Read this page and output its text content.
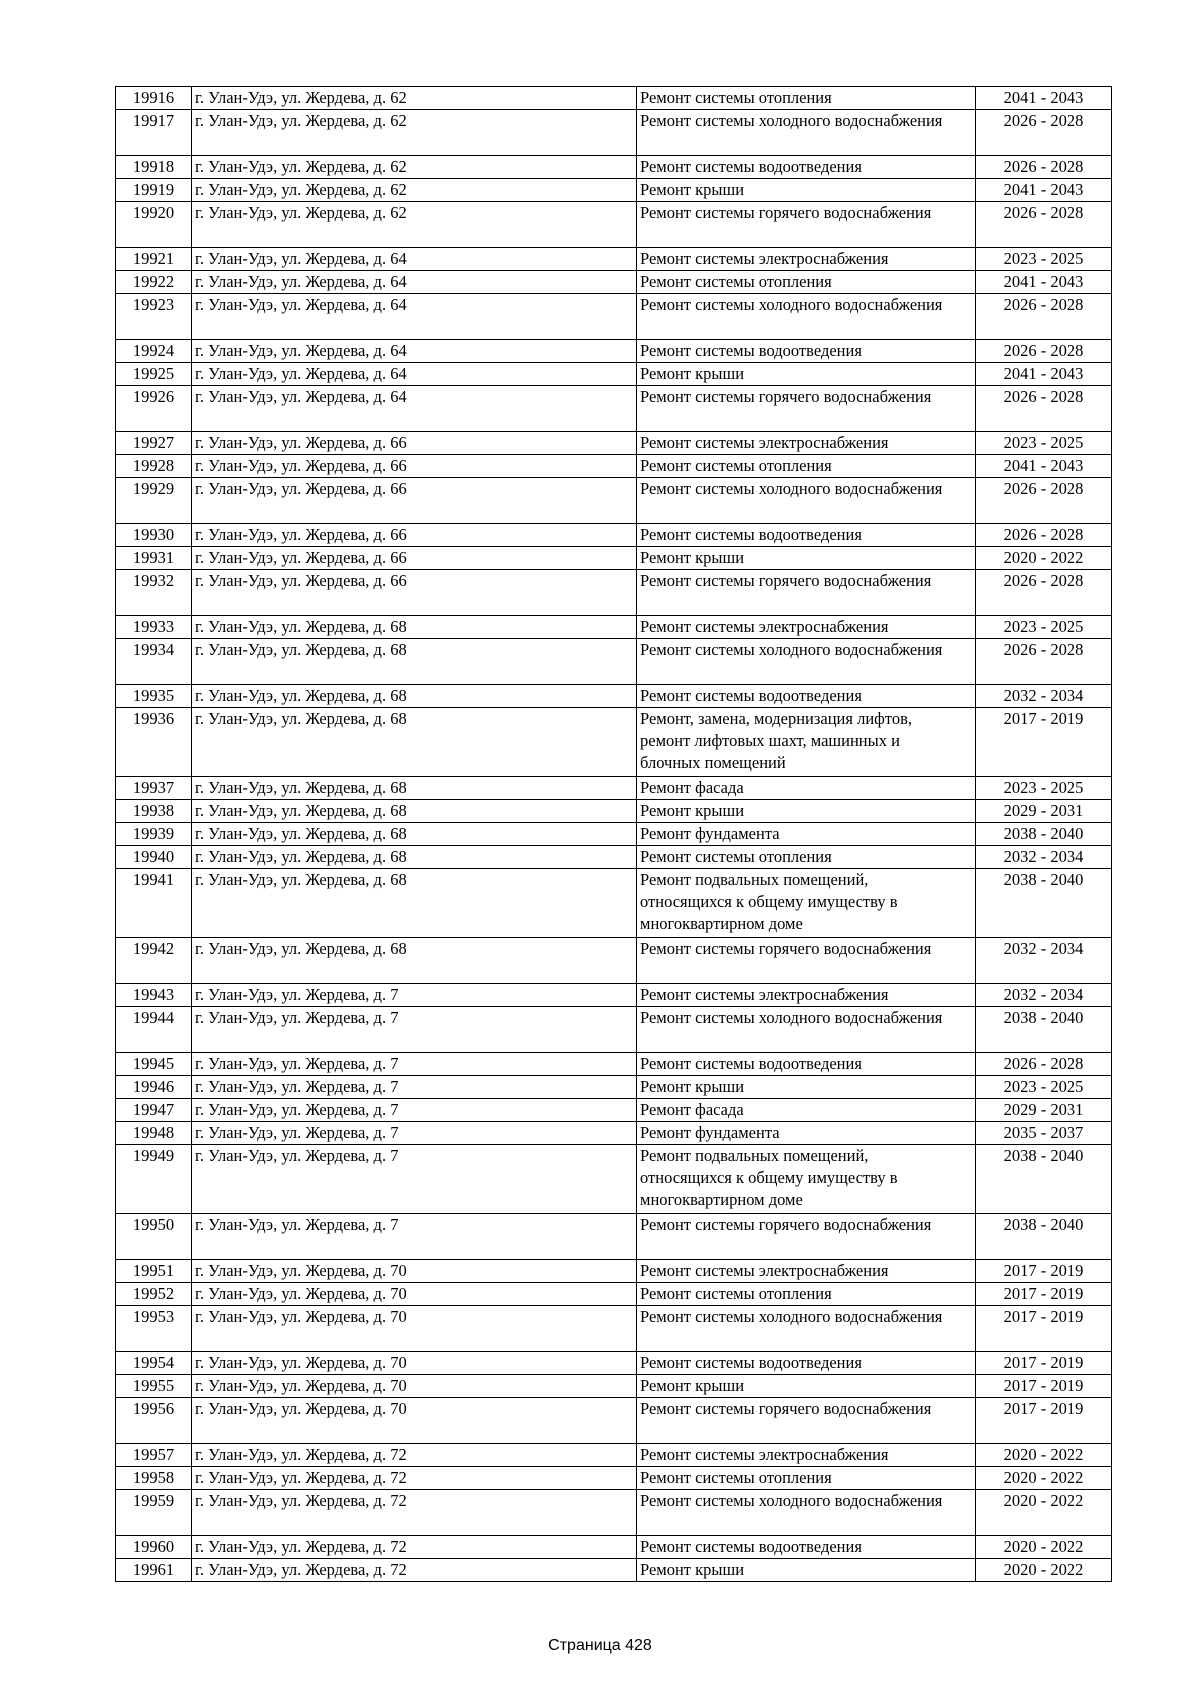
19916	г. Улан-Удэ, ул. Жердева, д. 62	Ремонт системы отопления	2041 - 2043
19917	г. Улан-Удэ, ул. Жердева, д. 62	Ремонт системы холодного водоснабжения	2026 - 2028
19918	г. Улан-Удэ, ул. Жердева, д. 62	Ремонт системы водоотведения	2026 - 2028
19919	г. Улан-Удэ, ул. Жердева, д. 62	Ремонт крыши	2041 - 2043
19920	г. Улан-Удэ, ул. Жердева, д. 62	Ремонт системы горячего водоснабжения	2026 - 2028
19921	г. Улан-Удэ, ул. Жердева, д. 64	Ремонт системы электроснабжения	2023 - 2025
19922	г. Улан-Удэ, ул. Жердева, д. 64	Ремонт системы отопления	2041 - 2043
19923	г. Улан-Удэ, ул. Жердева, д. 64	Ремонт системы холодного водоснабжения	2026 - 2028
19924	г. Улан-Удэ, ул. Жердева, д. 64	Ремонт системы водоотведения	2026 - 2028
19925	г. Улан-Удэ, ул. Жердева, д. 64	Ремонт крыши	2041 - 2043
19926	г. Улан-Удэ, ул. Жердева, д. 64	Ремонт системы горячего водоснабжения	2026 - 2028
19927	г. Улан-Удэ, ул. Жердева, д. 66	Ремонт системы электроснабжения	2023 - 2025
19928	г. Улан-Удэ, ул. Жердева, д. 66	Ремонт системы отопления	2041 - 2043
19929	г. Улан-Удэ, ул. Жердева, д. 66	Ремонт системы холодного водоснабжения	2026 - 2028
19930	г. Улан-Удэ, ул. Жердева, д. 66	Ремонт системы водоотведения	2026 - 2028
19931	г. Улан-Удэ, ул. Жердева, д. 66	Ремонт крыши	2020 - 2022
19932	г. Улан-Удэ, ул. Жердева, д. 66	Ремонт системы горячего водоснабжения	2026 - 2028
19933	г. Улан-Удэ, ул. Жердева, д. 68	Ремонт системы электроснабжения	2023 - 2025
19934	г. Улан-Удэ, ул. Жердева, д. 68	Ремонт системы холодного водоснабжения	2026 - 2028
19935	г. Улан-Удэ, ул. Жердева, д. 68	Ремонт системы водоотведения	2032 - 2034
19936	г. Улан-Удэ, ул. Жердева, д. 68	Ремонт, замена, модернизация лифтов,
ремонт лифтовых шахт, машинных и
блочных помещений	2017 - 2019
19937	г. Улан-Удэ, ул. Жердева, д. 68	Ремонт фасада	2023 - 2025
19938	г. Улан-Удэ, ул. Жердева, д. 68	Ремонт крыши	2029 - 2031
19939	г. Улан-Удэ, ул. Жердева, д. 68	Ремонт фундамента	2038 - 2040
19940	г. Улан-Удэ, ул. Жердева, д. 68	Ремонт системы отопления	2032 - 2034
19941	г. Улан-Удэ, ул. Жердева, д. 68	Ремонт подвальных помещений,
относящихся к общему имуществу в
многоквартирном доме	2038 - 2040
19942	г. Улан-Удэ, ул. Жердева, д. 68	Ремонт системы горячего водоснабжения	2032 - 2034
19943	г. Улан-Удэ, ул. Жердева, д. 7	Ремонт системы электроснабжения	2032 - 2034
19944	г. Улан-Удэ, ул. Жердева, д. 7	Ремонт системы холодного водоснабжения	2038 - 2040
19945	г. Улан-Удэ, ул. Жердева, д. 7	Ремонт системы водоотведения	2026 - 2028
19946	г. Улан-Удэ, ул. Жердева, д. 7	Ремонт крыши	2023 - 2025
19947	г. Улан-Удэ, ул. Жердева, д. 7	Ремонт фасада	2029 - 2031
19948	г. Улан-Удэ, ул. Жердева, д. 7	Ремонт фундамента	2035 - 2037
19949	г. Улан-Удэ, ул. Жердева, д. 7	Ремонт подвальных помещений,
относящихся к общему имуществу в
многоквартирном доме	2038 - 2040
19950	г. Улан-Удэ, ул. Жердева, д. 7	Ремонт системы горячего водоснабжения	2038 - 2040
19951	г. Улан-Удэ, ул. Жердева, д. 70	Ремонт системы электроснабжения	2017 - 2019
19952	г. Улан-Удэ, ул. Жердева, д. 70	Ремонт системы отопления	2017 - 2019
19953	г. Улан-Удэ, ул. Жердева, д. 70	Ремонт системы холодного водоснабжения	2017 - 2019
19954	г. Улан-Удэ, ул. Жердева, д. 70	Ремонт системы водоотведения	2017 - 2019
19955	г. Улан-Удэ, ул. Жердева, д. 70	Ремонт крыши	2017 - 2019
19956	г. Улан-Удэ, ул. Жердева, д. 70	Ремонт системы горячего водоснабжения	2017 - 2019
19957	г. Улан-Удэ, ул. Жердева, д. 72	Ремонт системы электроснабжения	2020 - 2022
19958	г. Улан-Удэ, ул. Жердева, д. 72	Ремонт системы отопления	2020 - 2022
19959	г. Улан-Удэ, ул. Жердева, д. 72	Ремонт системы холодного водоснабжения	2020 - 2022
19960	г. Улан-Удэ, ул. Жердева, д. 72	Ремонт системы водоотведения	2020 - 2022
19961	г. Улан-Удэ, ул. Жердева, д. 72	Ремонт крыши	2020 - 2022
Страница 428
